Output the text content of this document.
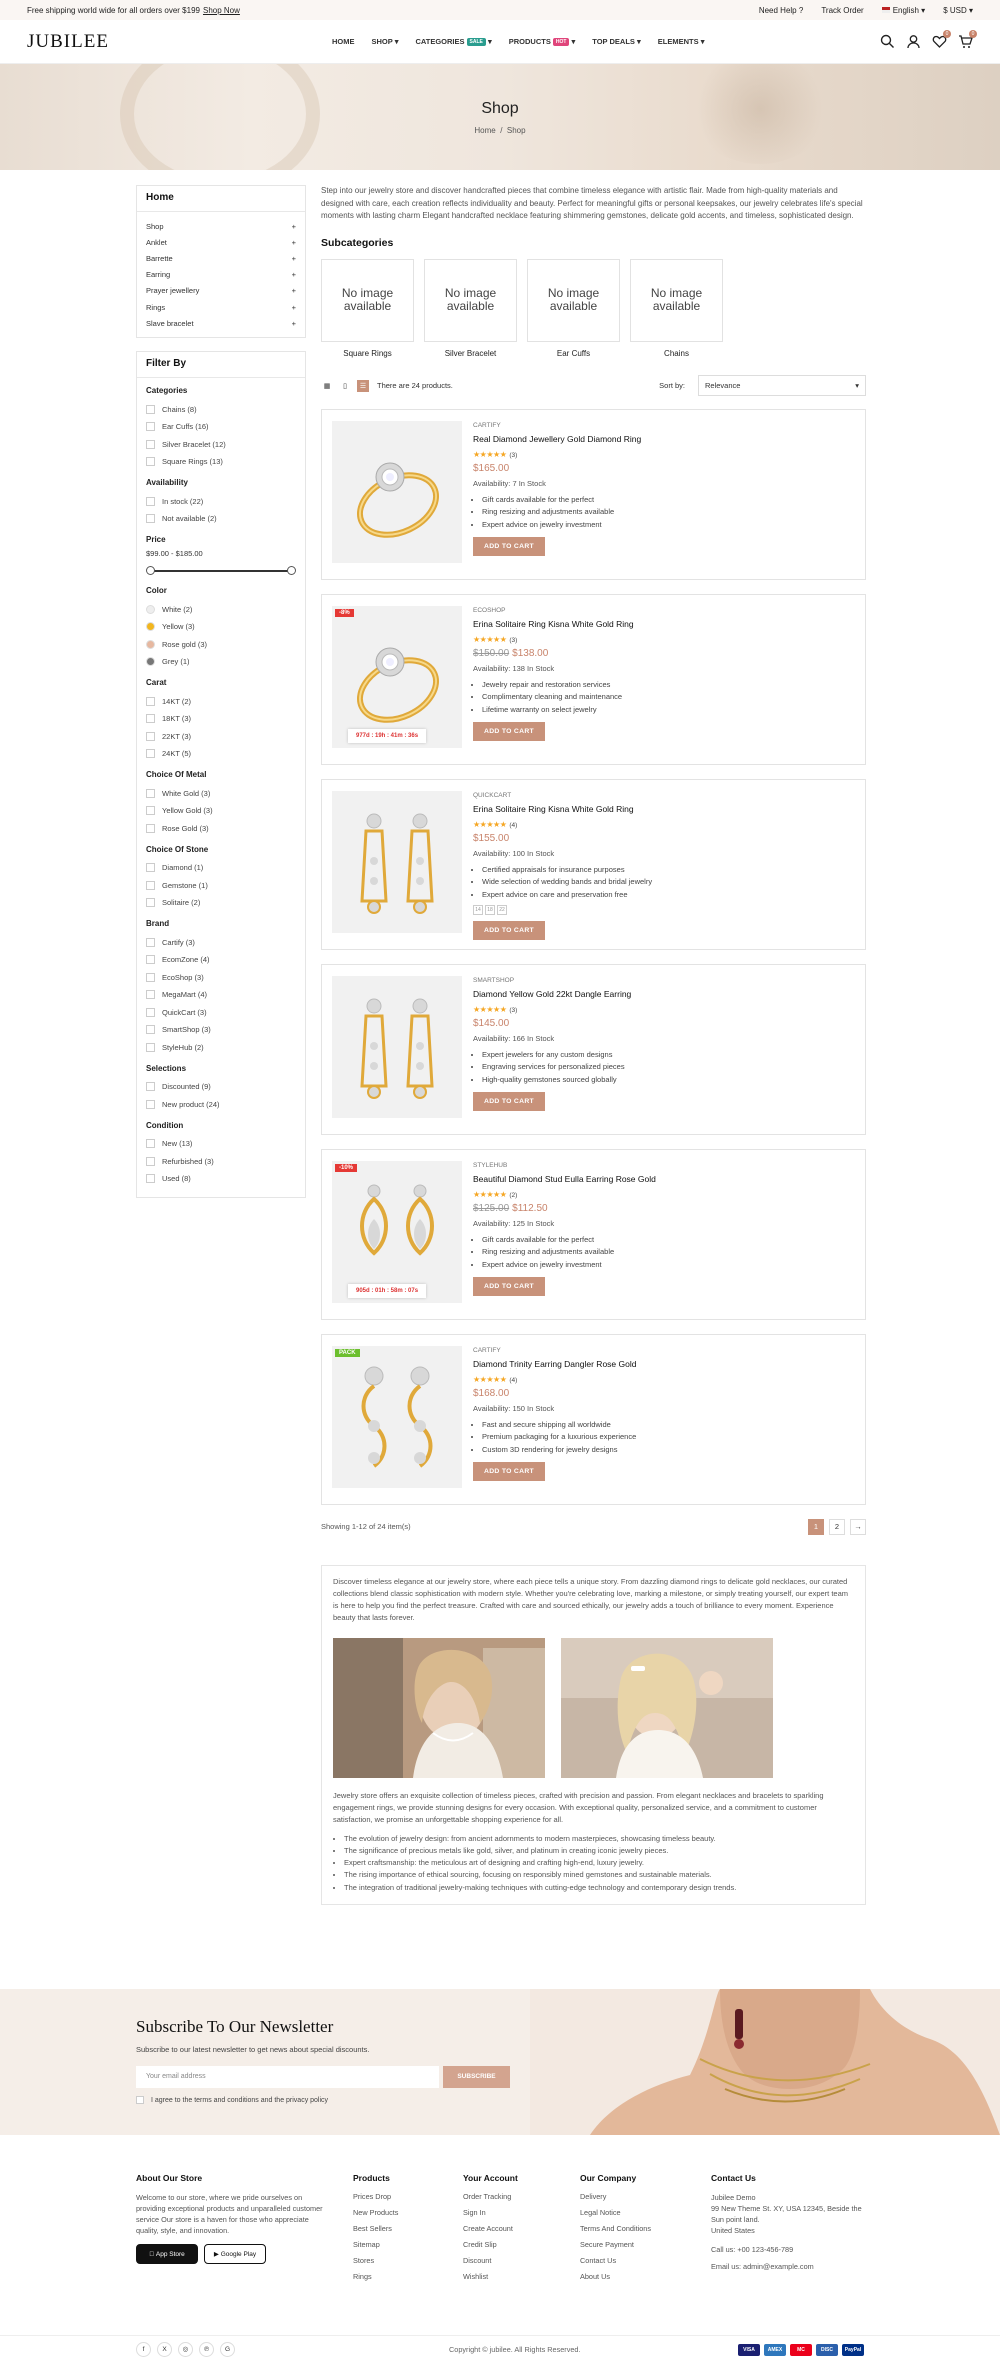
Free shipping world wide for all orders over $199 Shop Now	Need Help ? Track Order	English ▾ $ USD ▾
JUBILEE	HOME SHOP ▾ CATEGORIES SALE ▾ PRODUCTS HOT ▾ TOP DEALS ▾ ELEMENTS ▾
0	0
Shop
Home / Shop
Home
Shop	+
Anklet	+
Barrette	+
Earring	+
Prayer jewellery	+
Rings	+
Slave bracelet	+
Filter By
Categories
Chains (8)
Ear Cuffs (16)
Silver Bracelet (12)
Square Rings (13)
Availability
In stock (22)
Not available (2)
Price
$99.00 - $185.00
Color
White (2)
Yellow (3)
Rose gold (3)
Grey (1)
Carat
14KT (2)
18KT (3)
22KT (3)
24KT (5)
Choice Of Metal
White Gold (3)
Yellow Gold (3)
Rose Gold (3)
Choice Of Stone
Diamond (1)
Gemstone (1)
Solitaire (2)
Brand
Cartify (3)
EcomZone (4)
EcoShop (3)
MegaMart (4)
QuickCart (3)
SmartShop (3)
StyleHub (2)
Selections
Discounted (9)
New product (24)
Condition
New (13)
Refurbished (3)
Used (8)

Step into our jewelry store and discover handcrafted pieces that combine timeless elegance with artistic flair. Made from high-quality materials and designed with care, each creation reflects individuality and beauty. Perfect for meaningful gifts or personal keepsakes, our jewelry celebrates life's special moments with lasting charm Elegant handcrafted necklace featuring shimmering gemstones, delicate gold accents, and timeless, sophisticated design.

Subcategories
No image available
Square Rings
No image available
Silver Bracelet
No image available
Ear Cuffs
No image available
Chains
▦	▯	☰	There are 24 products.	Sort by:	Relevance	▾
CARTIFY
Real Diamond Jewellery Gold Diamond Ring
★★★★★ (3)
$165.00
Availability: 7 In Stock
• Gift cards available for the perfect
• Ring resizing and adjustments available
• Expert advice on jewelry investment
ADD TO CART
-8%
977d : 19h : 41m : 36s
ECOSHOP
Erina Solitaire Ring Kisna White Gold Ring
★★★★★ (3)
$150.00 $138.00
Availability: 138 In Stock
• Jewelry repair and restoration services
• Complimentary cleaning and maintenance
• Lifetime warranty on select jewelry
ADD TO CART
QUICKCART
Erina Solitaire Ring Kisna White Gold Ring
★★★★★ (4)
$155.00
Availability: 100 In Stock
• Certified appraisals for insurance purposes
• Wide selection of wedding bands and bridal jewelry
• Expert advice on care and preservation free
14	18	22
ADD TO CART
SMARTSHOP
Diamond Yellow Gold 22kt Dangle Earring
★★★★★ (3)
$145.00
Availability: 166 In Stock
• Expert jewelers for any custom designs
• Engraving services for personalized pieces
• High-quality gemstones sourced globally
ADD TO CART
-10%
905d : 01h : 58m : 07s
STYLEHUB
Beautiful Diamond Stud Eulla Earring Rose Gold
★★★★★ (2)
$125.00 $112.50
Availability: 125 In Stock
• Gift cards available for the perfect
• Ring resizing and adjustments available
• Expert advice on jewelry investment
ADD TO CART
PACK	CARTIFY
Diamond Trinity Earring Dangler Rose Gold
★★★★★ (4)
$168.00
Availability: 150 In Stock
• Fast and secure shipping all worldwide
• Premium packaging for a luxurious experience
• Custom 3D rendering for jewelry designs
ADD TO CART
Showing 1-12 of 24 item(s)	1	2	→

Discover timeless elegance at our jewelry store, where each piece tells a unique story. From dazzling diamond rings to delicate gold necklaces, our curated collections blend classic sophistication with modern style. Whether you're celebrating love, marking a milestone, or simply treating yourself, our expert team is here to help you find the perfect treasure. Crafted with care and sourced ethically, our jewelry adds a touch of brilliance to every moment. Experience beauty that lasts forever.

Jewelry store offers an exquisite collection of timeless pieces, crafted with precision and passion. From elegant necklaces and bracelets to sparkling engagement rings, we provide stunning designs for every occasion. With exceptional quality, personalized service, and a commitment to customer satisfaction, we promise an unforgettable shopping experience for all.

• The evolution of jewelry design: from ancient adornments to modern masterpieces, showcasing timeless beauty.
• The significance of precious metals like gold, silver, and platinum in creating iconic jewelry pieces.
• Expert craftsmanship: the meticulous art of designing and crafting high-end, luxury jewelry.
• The rising importance of ethical sourcing, focusing on responsibly mined gemstones and sustainable materials.
• The integration of traditional jewelry-making techniques with cutting-edge technology and contemporary design trends.
Subscribe To Our Newsletter
Subscribe to our latest newsletter to get news about special discounts.
Your email address	SUBSCRIBE
I agree to the terms and conditions and the privacy policy
About Our Store

Welcome to our store, where we pride ourselves on providing exceptional products and unparalleled customer service Our store is a haven for those who appreciate quality, style, and innovation.

App Store	▶ Google Play
Products
Prices Drop
New Products
Best Sellers
Sitemap
Stores
Rings
Your Account
Order Tracking
Sign In
Create Account
Credit Slip
Discount
Wishlist
Our Company
Delivery
Legal Notice
Terms And Conditions
Secure Payment
Contact Us
About Us
Contact Us

Jubilee Demo

99 New Theme St. XY, USA 12345, Beside the Sun point land.

United States

Call us: +00 123-456-789

Email us: admin@example.com

f	X	◎	℗	G	Copyright © jubilee. All Rights Reserved.	VISA	AMEX	MC	DISC	PayPal
